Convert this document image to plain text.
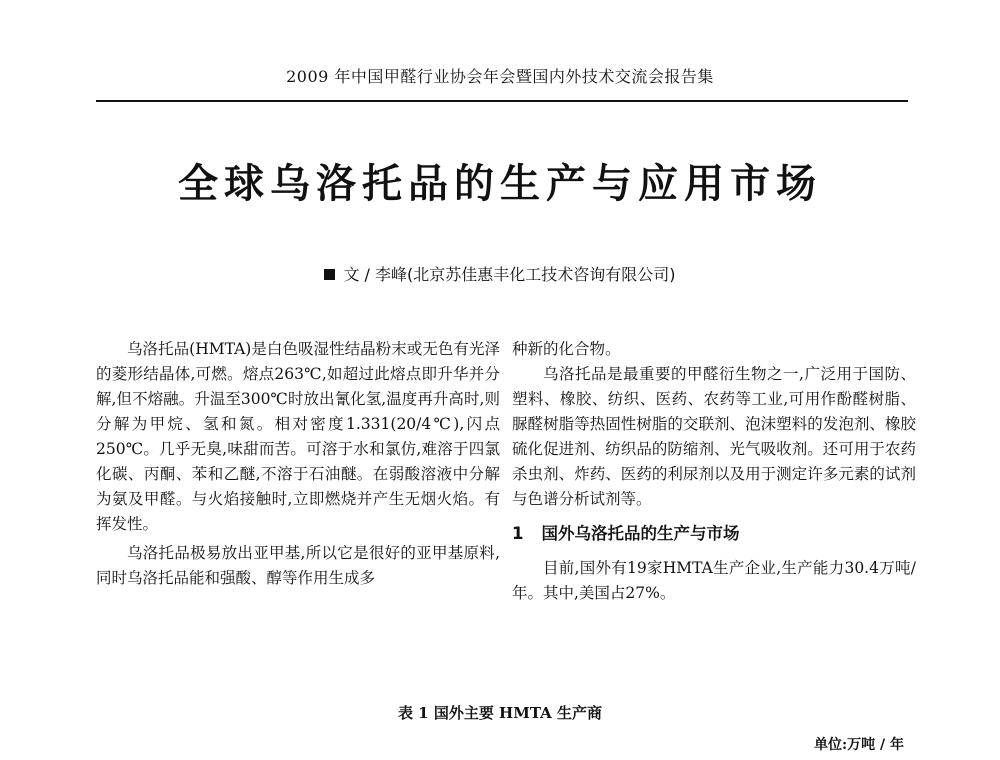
2009 年中国甲醛行业协会年会暨国内外技术交流会报告集
全球乌洛托品的生产与应用市场
文 / 李峰(北京苏佳惠丰化工技术咨询有限公司)

乌洛托品(HMTA)是白色吸湿性结晶粉末或无色有光泽的菱形结晶体,可燃。熔点263℃,如超过此熔点即升华并分解,但不熔融。升温至300℃时放出氰化氢,温度再升高时,则分解为甲烷、氢和氮。相对密度1.331(20/4℃),闪点250℃。几乎无臭,味甜而苦。可溶于水和氯仿,难溶于四氯化碳、丙酮、苯和乙醚,不溶于石油醚。在弱酸溶液中分解为氨及甲醛。与火焰接触时,立即燃烧并产生无烟火焰。有挥发性。

乌洛托品极易放出亚甲基,所以它是很好的亚甲基原料,同时乌洛托品能和强酸、醇等作用生成多

种新的化合物。

乌洛托品是最重要的甲醛衍生物之一,广泛用于国防、塑料、橡胶、纺织、医药、农药等工业,可用作酚醛树脂、脲醛树脂等热固性树脂的交联剂、泡沫塑料的发泡剂、橡胶硫化促进剂、纺织品的防缩剂、光气吸收剂。还可用于农药杀虫剂、炸药、医药的利尿剂以及用于测定许多元素的试剂与色谱分析试剂等。

1 国外乌洛托品的生产与市场

目前,国外有19家HMTA生产企业,生产能力30.4万吨/年。其中,美国占27%。

表 1 国外主要 HMTA 生产商
单位:万吨 / 年
